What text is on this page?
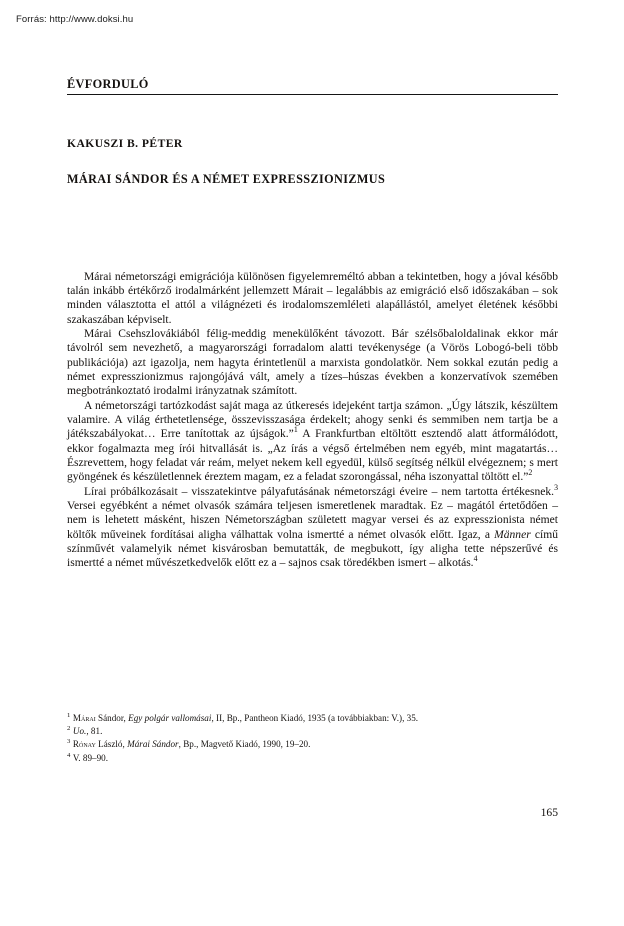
Forrás: http://www.doksi.hu
ÉVFORDULÓ
KAKUSZI B. PÉTER
MÁRAI SÁNDOR ÉS A NÉMET EXPRESSZIONIZMUS

Márai németországi emigrációja különösen figyelemreméltó abban a tekintetben, hogy a jóval később talán inkább értékőrző irodalmárként jellemzett Márait – legalábbis az emigráció első időszakában – sok minden választotta el attól a világnézeti és irodalomszemléleti alapállástól, amelyet életének későbbi szakaszában képviselt.

Márai Csehszlovákiából félig-meddig menekülőként távozott. Bár szélsőbaloldalinak ekkor már távolról sem nevezhető, a magyarországi forradalom alatti tevékenysége (a Vörös Lobogó-beli több publikációja) azt igazolja, nem hagyta érintetlenül a marxista gondolatkör. Nem sokkal ezután pedig a német expresszionizmus rajongójává vált, amely a tízes–húszas években a konzervatívok szemében megbotránkoztató irodalmi irányzatnak számított.

A németországi tartózkodást saját maga az útkeresés idejeként tartja számon. „Úgy látszik, készültem valamire. A világ érthetetlensége, összevisszasága érdekelt; ahogy senki és semmiben nem tartja be a játékszabályokat… Erre tanítottak az újságok.”$^1$ A Frankfurtban eltöltött esztendő alatt átformálódott, ekkor fogalmazta meg írói hitvallását is. „Az írás a végső értelmében nem egyéb, mint magatartás… Észrevettem, hogy feladat vár reám, melyet nekem kell egyedül, külső segítség nélkül elvégeznem; s mert gyöngének és készületlennek éreztem magam, ez a feladat szorongással, néha iszonyattal töltött el.”$^2$

Lírai próbálkozásait – visszatekintve pályafutásának németországi éveire – nem tartotta értékesnek.$^3$ Versei egyébként a német olvasók számára teljesen ismeretlenek maradtak. Ez – magától értetődően – nem is lehetett másként, hiszen Németországban született magyar versei és az expresszionista német költők műveinek fordításai aligha válhattak volna ismertté a német olvasók előtt. Igaz, a Männer című színművét valamelyik német kisvárosban bemutatták, de megbukott, így aligha tette népszerűvé és ismertté a német művészetkedvelők előtt ez a – sajnos csak töredékben ismert – alkotás.$^4$

$^1$ Márai Sándor, Egy polgár vallomásai, II, Bp., Pantheon Kiadó, 1935 (a továbbiakban: V.), 35.

$^2$ Uo., 81.

$^3$ Rónay László, Márai Sándor, Bp., Magvető Kiadó, 1990, 19–20.

$^4$ V. 89–90.

165
